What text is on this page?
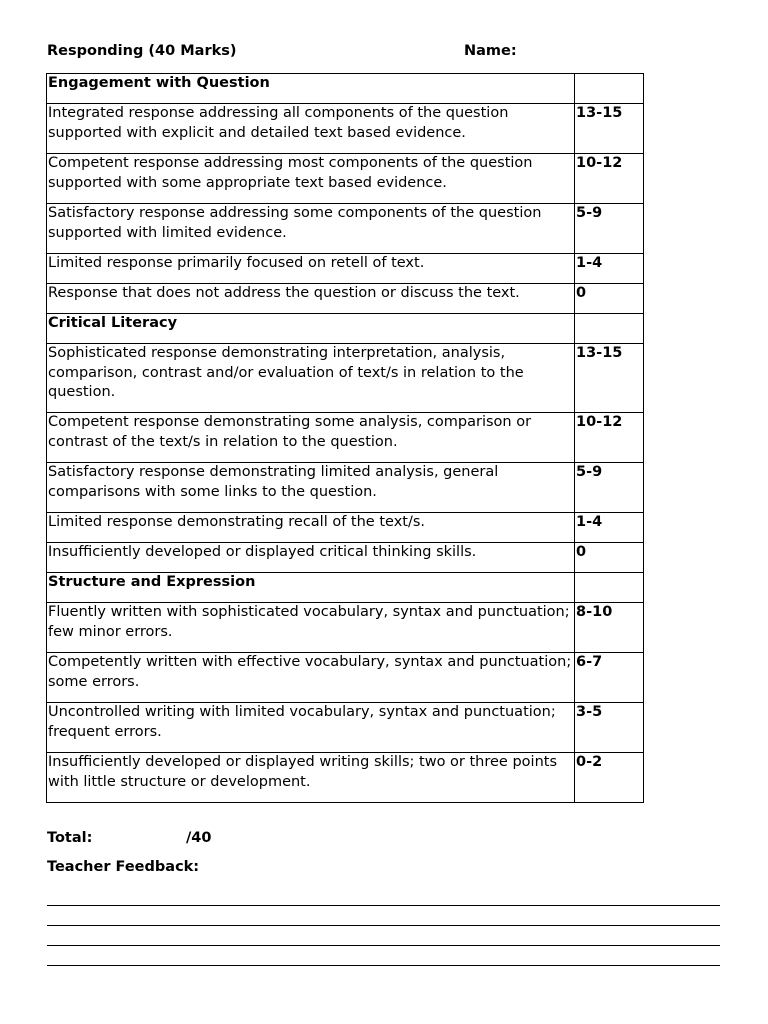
Responding (40 Marks)	Name:
Engagement with Question	
Integrated response addressing all components of the question supported with explicit and detailed text based evidence.	13-15
Competent response addressing most components of the question supported with some appropriate text based evidence.	10-12
Satisfactory response addressing some components of the question supported with limited evidence.	5-9
Limited response primarily focused on retell of text.	1-4
Response that does not address the question or discuss the text.	0
Critical Literacy	
Sophisticated response demonstrating interpretation, analysis, comparison, contrast and/or evaluation of text/s in relation to the question.	13-15
Competent response demonstrating some analysis, comparison or contrast of the text/s in relation to the question.	10-12
Satisfactory response demonstrating limited analysis, general comparisons with some links to the question.	5-9
Limited response demonstrating recall of the text/s.	1-4
Insufficiently developed or displayed critical thinking skills.	0
Structure and Expression	
Fluently written with sophisticated vocabulary, syntax and punctuation; few minor errors.	8-10
Competently written with effective vocabulary, syntax and punctuation; some errors.	6-7
Uncontrolled writing with limited vocabulary, syntax and punctuation; frequent errors.	3-5
Insufficiently developed or displayed writing skills; two or three points with little structure or development.	0-2
Total:	/40
Teacher Feedback:
